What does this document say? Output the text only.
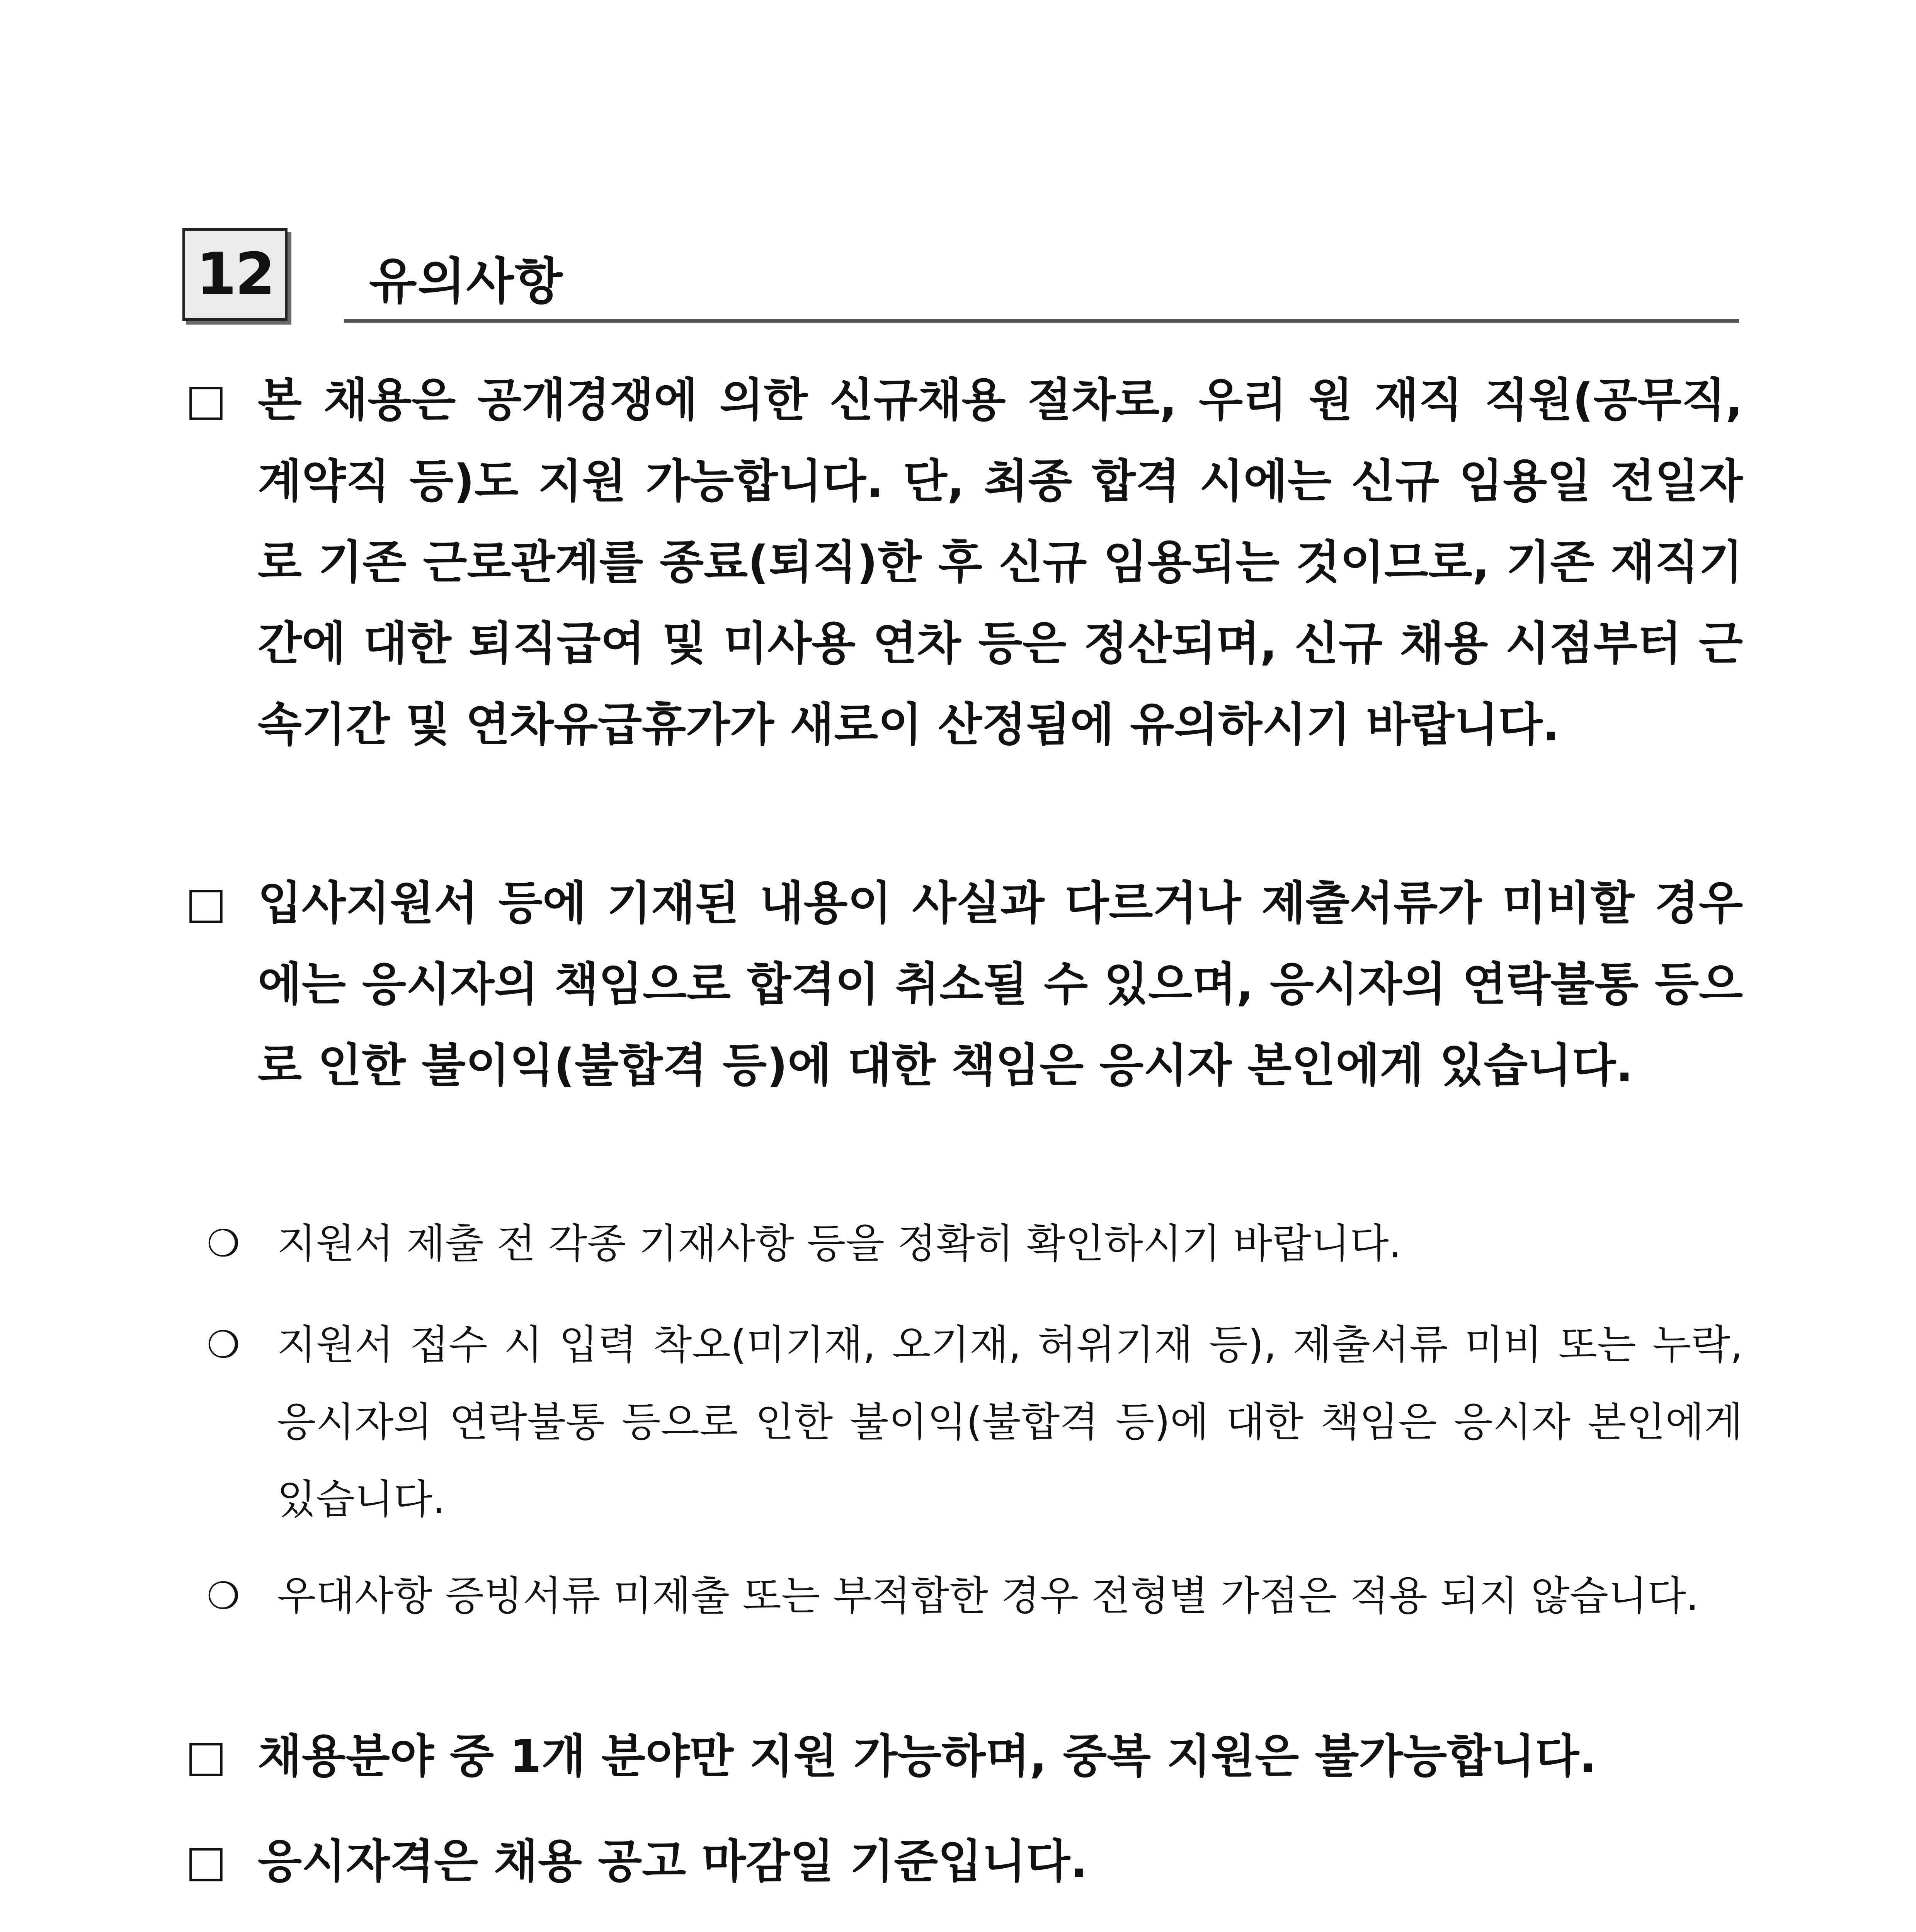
12 유의사항
□ 본 채용은 공개경쟁에 의한 신규채용 절차로, 우리 원 재직 직원(공무직, 계약직 등)도 지원 가능합니다. 단, 최종 합격 시에는 신규 임용일 전일자로 기존 근로관계를 종료(퇴직)한 후 신규 임용되는 것이므로, 기존 재직기간에 대한 퇴직급여 및 미사용 연차 등은 정산되며, 신규 채용 시점부터 근속기간 및 연차유급휴가가 새로이 산정됨에 유의하시기 바랍니다.
□ 입사지원서 등에 기재된 내용이 사실과 다르거나 제출서류가 미비할 경우에는 응시자의 책임으로 합격이 취소될 수 있으며, 응시자의 연락불통 등으로 인한 불이익(불합격 등)에 대한 책임은 응시자 본인에게 있습니다.
❍ 지원서 제출 전 각종 기재사항 등을 정확히 확인하시기 바랍니다.
❍ 지원서 접수 시 입력 착오(미기재, 오기재, 허위기재 등), 제출서류 미비 또는 누락, 응시자의 연락불통 등으로 인한 불이익(불합격 등)에 대한 책임은 응시자 본인에게 있습니다.
❍ 우대사항 증빙서류 미제출 또는 부적합한 경우 전형별 가점은 적용 되지 않습니다.
□ 채용분야 중 1개 분야만 지원 가능하며, 중복 지원은 불가능합니다.
□ 응시자격은 채용 공고 마감일 기준입니다.
